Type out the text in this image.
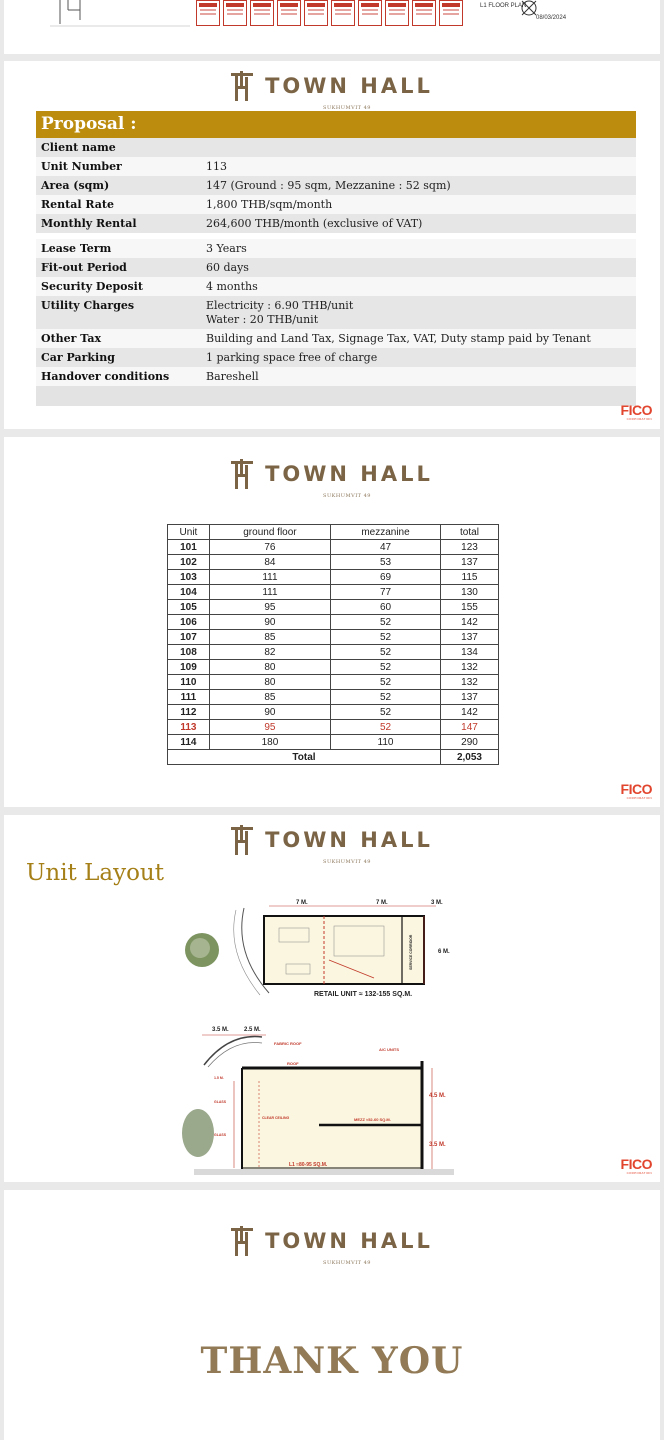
L1 FLOOR PLAN
08/03/2024
TOWN HALL
SUKHUMVIT 49
Proposal :
Client name
Unit Number	113
Area (sqm)	147 (Ground : 95 sqm, Mezzanine : 52 sqm)
Rental Rate	1,800 THB/sqm/month
Monthly Rental	264,600 THB/month (exclusive of VAT)
Lease Term	3 Years
Fit-out Period	60 days
Security Deposit	4 months
Utility Charges	Electricity : 6.90 THB/unit
Water : 20 THB/unit
Other Tax	Building and Land Tax, Signage Tax, VAT, Duty stamp paid by Tenant
Car Parking	1 parking space free of charge
Handover conditions	Bareshell
FICO
CORPORATION
TOWN HALL
SUKHUMVIT 49
Unit	ground floor	mezzanine	total
101	76	47	123
102	84	53	137
103	111	69	115
104	111	77	130
105	95	60	155
106	90	52	142
107	85	52	137
108	82	52	134
109	80	52	132
110	80	52	132
111	85	52	137
112	90	52	142
113	95	52	147
114	180	110	290
Total			2,053
FICO
CORPORATION
TOWN HALL
SUKHUMVIT 49
Unit Layout
7 M.	7 M.	3 M.
6 M.
SERVICE CORRIDOR
RETAIL UNIT ≈ 132-155 SQ.M.
3.5 M.	2.5 M.
FABRIC ROOF
A/C UNITS
ROOF
4.5 M.
3.5 M.
MEZZ ≈52-60 SQ.M.
CLEAR CEILING
L1 ≈80-95 SQ.M.
GLASS
GLASS
1.5 M.
FICO
CORPORATION
TOWN HALL
SUKHUMVIT 49
THANK YOU
